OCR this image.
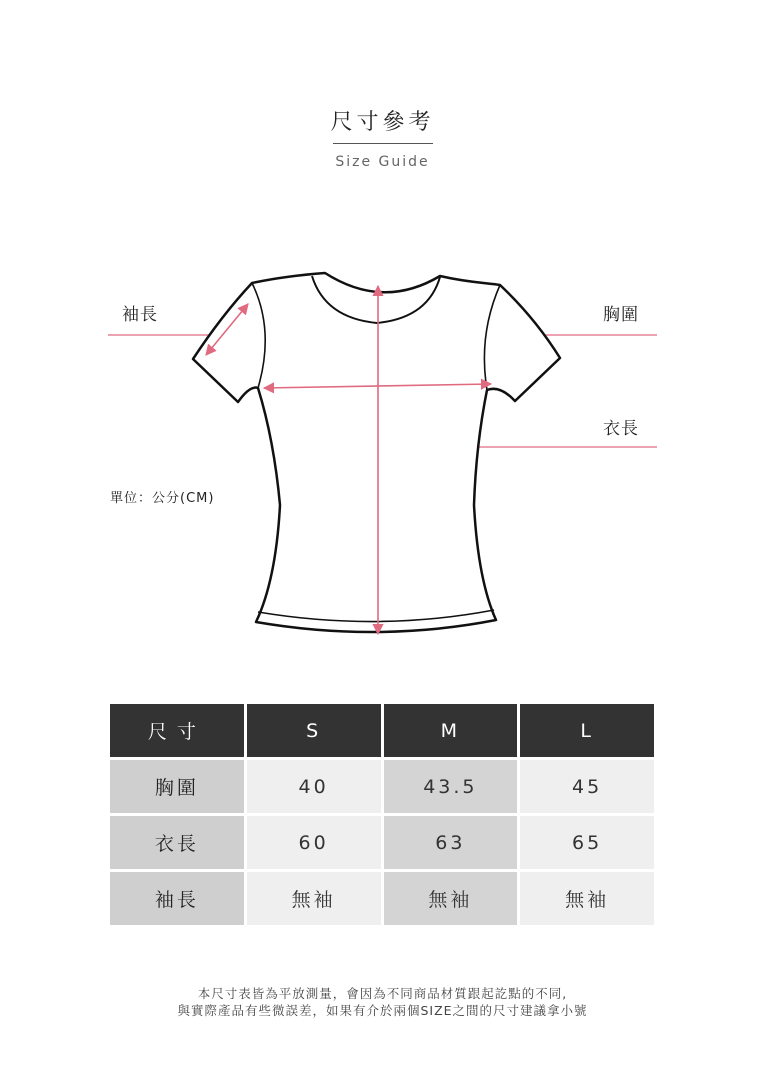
尺寸參考
Size Guide
袖長	胸圍
衣長
單位：公分(CM)
尺寸	S	M	L
胸圍	40	43.5	45
衣長	60	63	65
袖長	無袖	無袖	無袖
本尺寸表皆為平放測量，會因為不同商品材質跟起訖點的不同,
與實際產品有些微誤差，如果有介於兩個SIZE之間的尺寸建議拿小號
